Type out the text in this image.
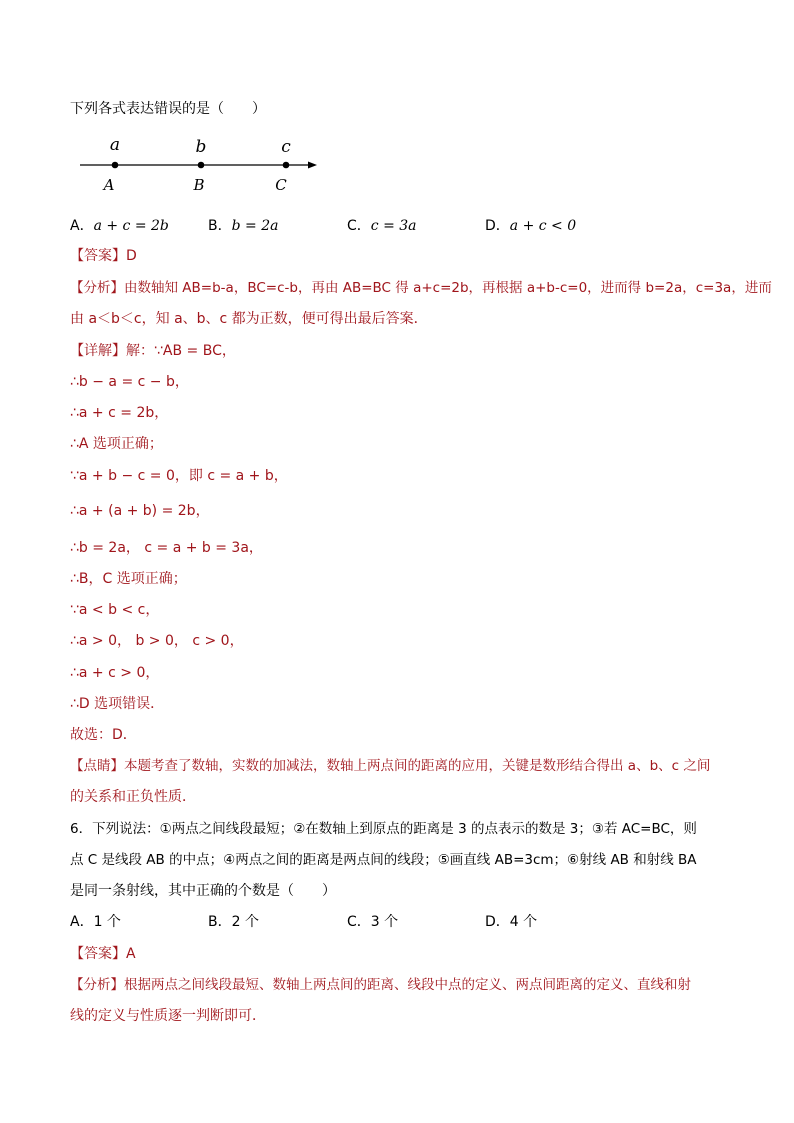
下列各式表达错误的是（　　）
a	b	c
A	B	C
A．a + c = 2b	B．b = 2a	C．c = 3a	D．a + c < 0
【答案】D
【分析】由数轴知 AB=b-a，BC=c-b，再由 AB=BC 得 a+c=2b，再根据 a+b-c=0，进而得 b=2a，c=3a，进而
由 a＜b＜c，知 a、b、c 都为正数，便可得出最后答案．
【详解】解：∵AB = BC，
∴b − a = c − b，
∴a + c = 2b，
∴A 选项正确；
∵a + b − c = 0，即 c = a + b，
∴a + (a + b) = 2b，
∴b = 2a， c = a + b = 3a，
∴B，C 选项正确；
∵a < b < c，
∴a > 0， b > 0， c > 0，
∴a + c > 0，
∴D 选项错误．
故选：D．
【点睛】本题考查了数轴，实数的加减法，数轴上两点间的距离的应用，关键是数形结合得出 a、b、c 之间
的关系和正负性质．
6．下列说法：①两点之间线段最短；②在数轴上到原点的距离是 3 的点表示的数是 3；③若 AC=BC，则
点 C 是线段 AB 的中点；④两点之间的距离是两点间的线段；⑤画直线 AB=3cm；⑥射线 AB 和射线 BA
是同一条射线，其中正确的个数是（　　）
A．1 个	B．2 个	C．3 个	D．4 个
【答案】A
【分析】根据两点之间线段最短、数轴上两点间的距离、线段中点的定义、两点间距离的定义、直线和射
线的定义与性质逐一判断即可．
